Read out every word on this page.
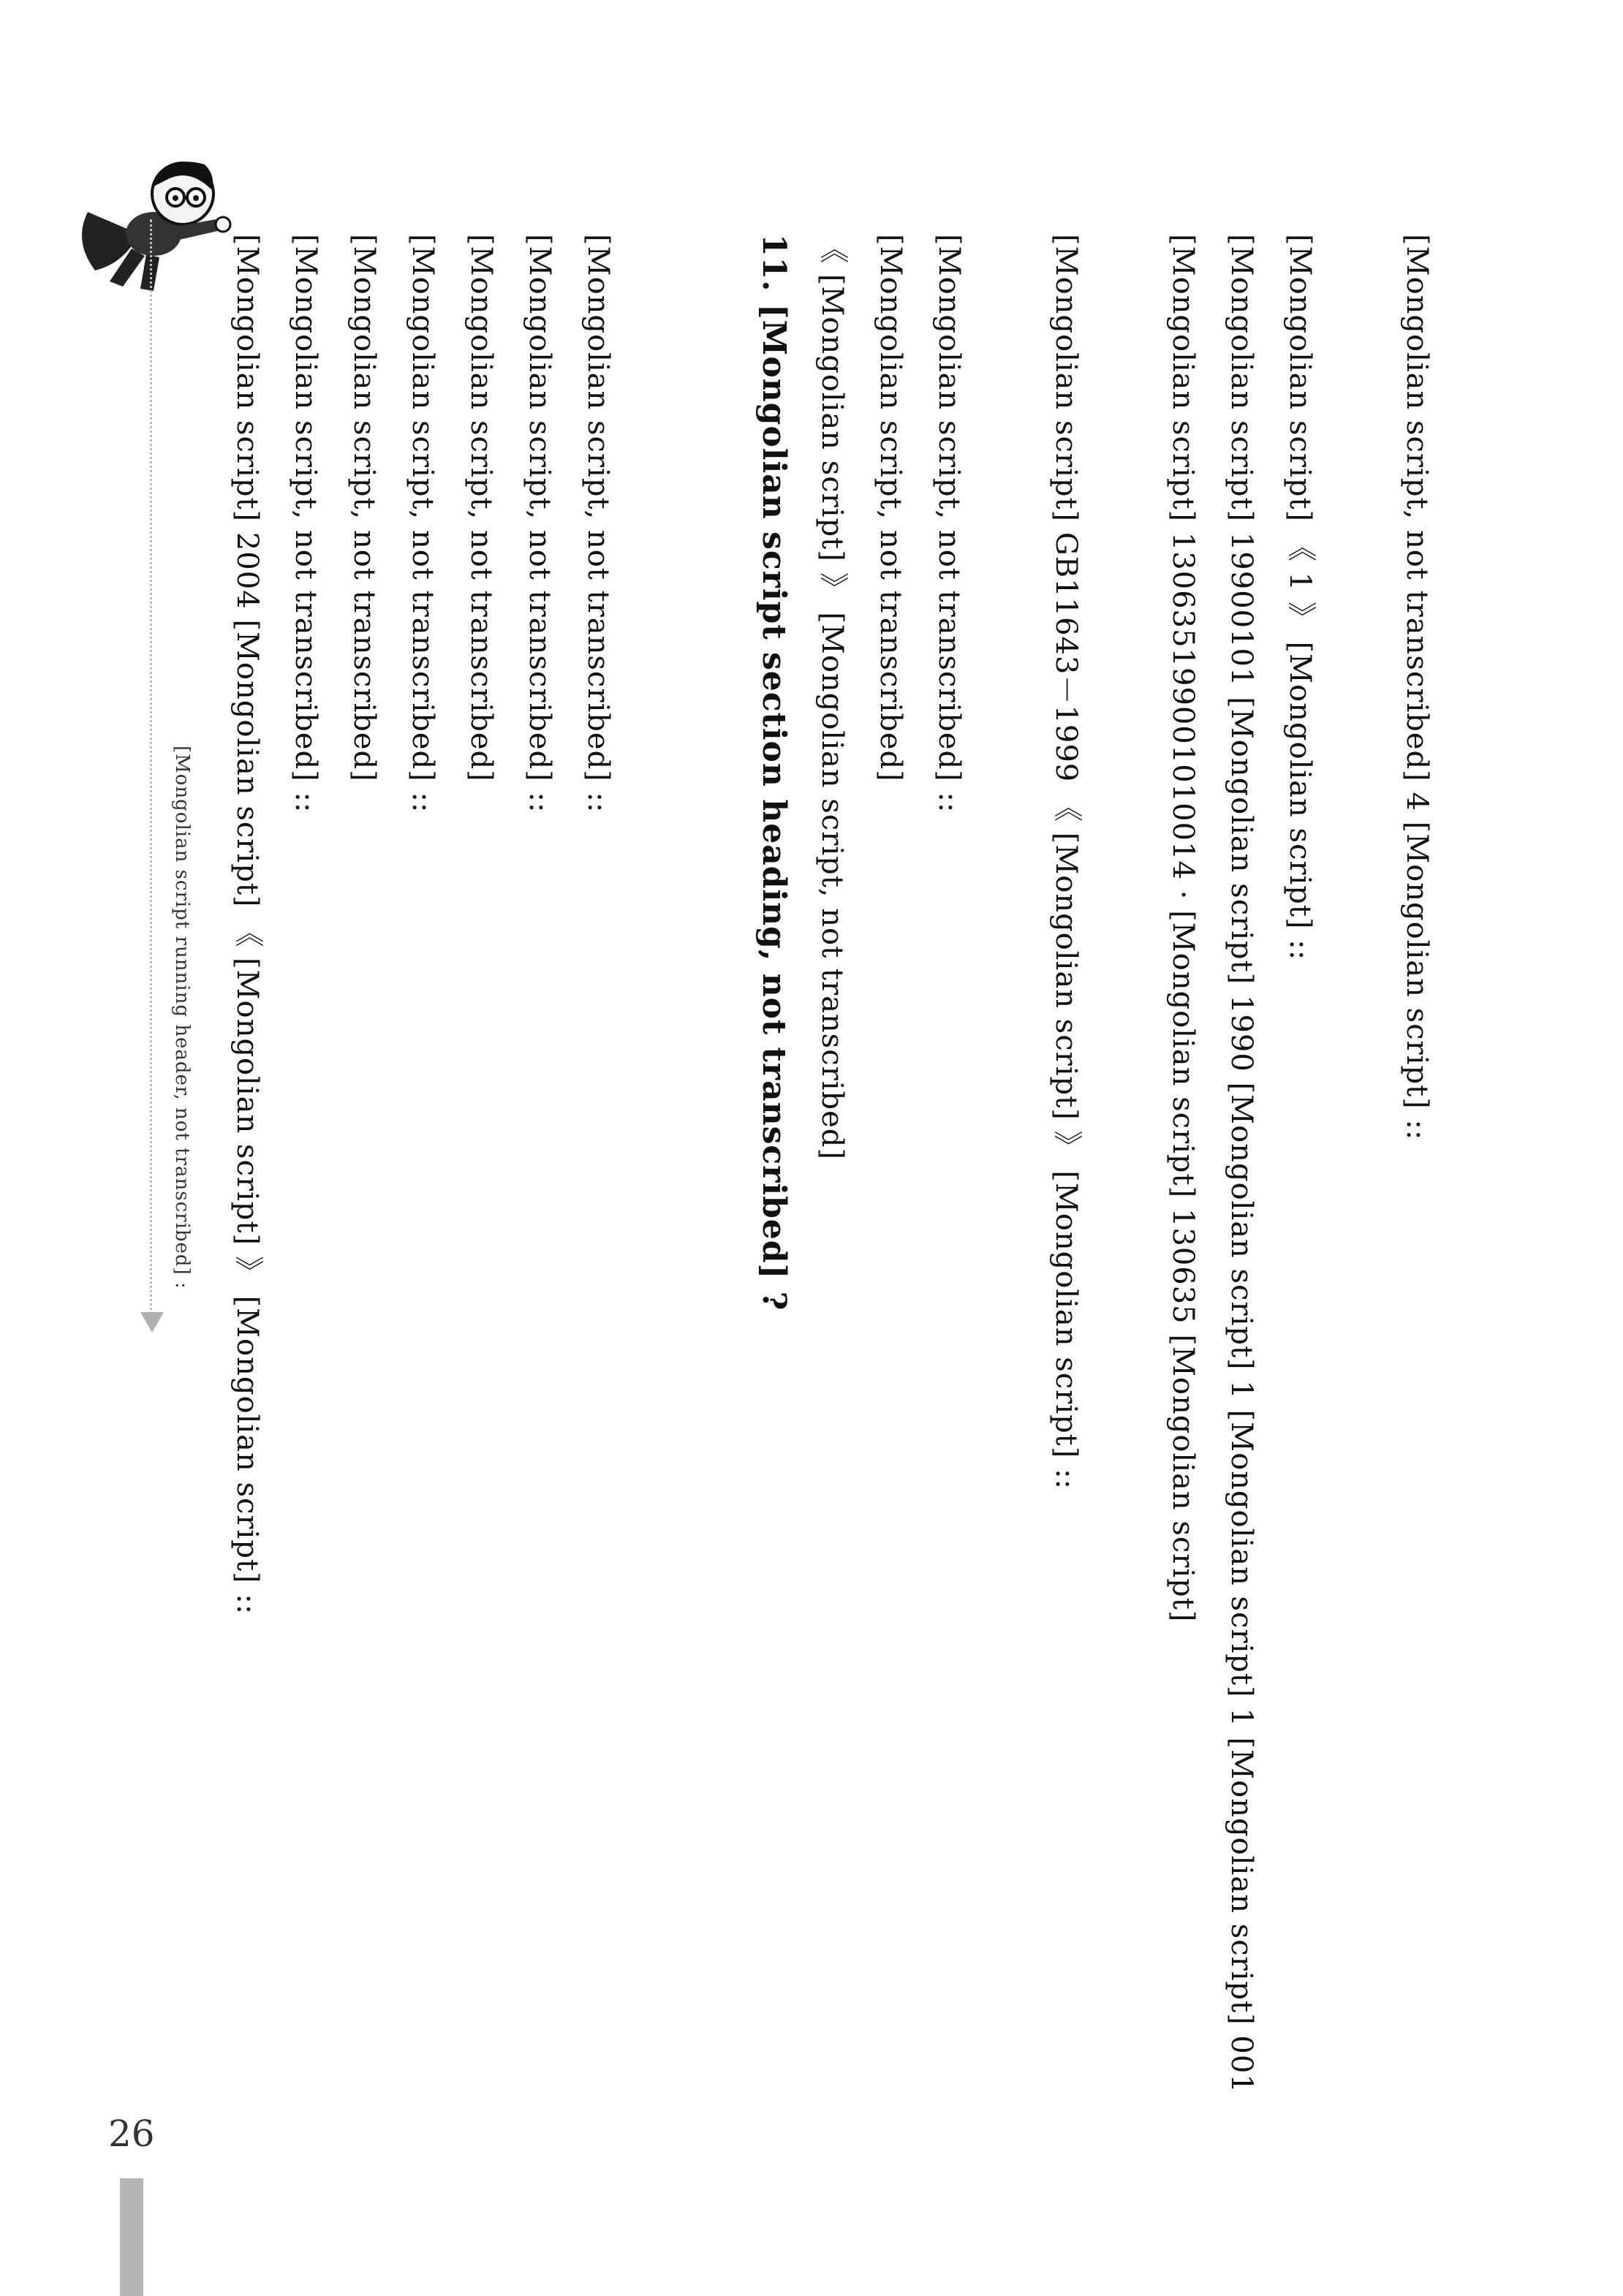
[Mongolian script running header, not transcribed] : [Mongolian script] 2004 [Mongolian script] 《 [Mongolian script] 》 [Mongolian script] :: [Mongolian script, not transcribed] :: [Mongolian script, not transcribed] [Mongolian script, not transcribed] :: [Mongolian script, not transcribed] [Mongolian script, not transcribed] :: [Mongolian script, not transcribed] ::	11. [Mongolian script section heading, not transcribed] ? 《 [Mongolian script] 》 [Mongolian script, not transcribed] [Mongolian script, not transcribed] [Mongolian script, not transcribed] ::	[Mongolian script] GB11643－1999 《 [Mongolian script] 》 [Mongolian script] ::	[Mongolian script] 130635199001010014 · [Mongolian script] 130635 [Mongolian script] [Mongolian script] 19900101 [Mongolian script] 1990 [Mongolian script] 1 [Mongolian script] 1 [Mongolian script] 001 [Mongolian script] 《 1 》 [Mongolian script] ::	[Mongolian script, not transcribed] 4 [Mongolian script] ::
26
